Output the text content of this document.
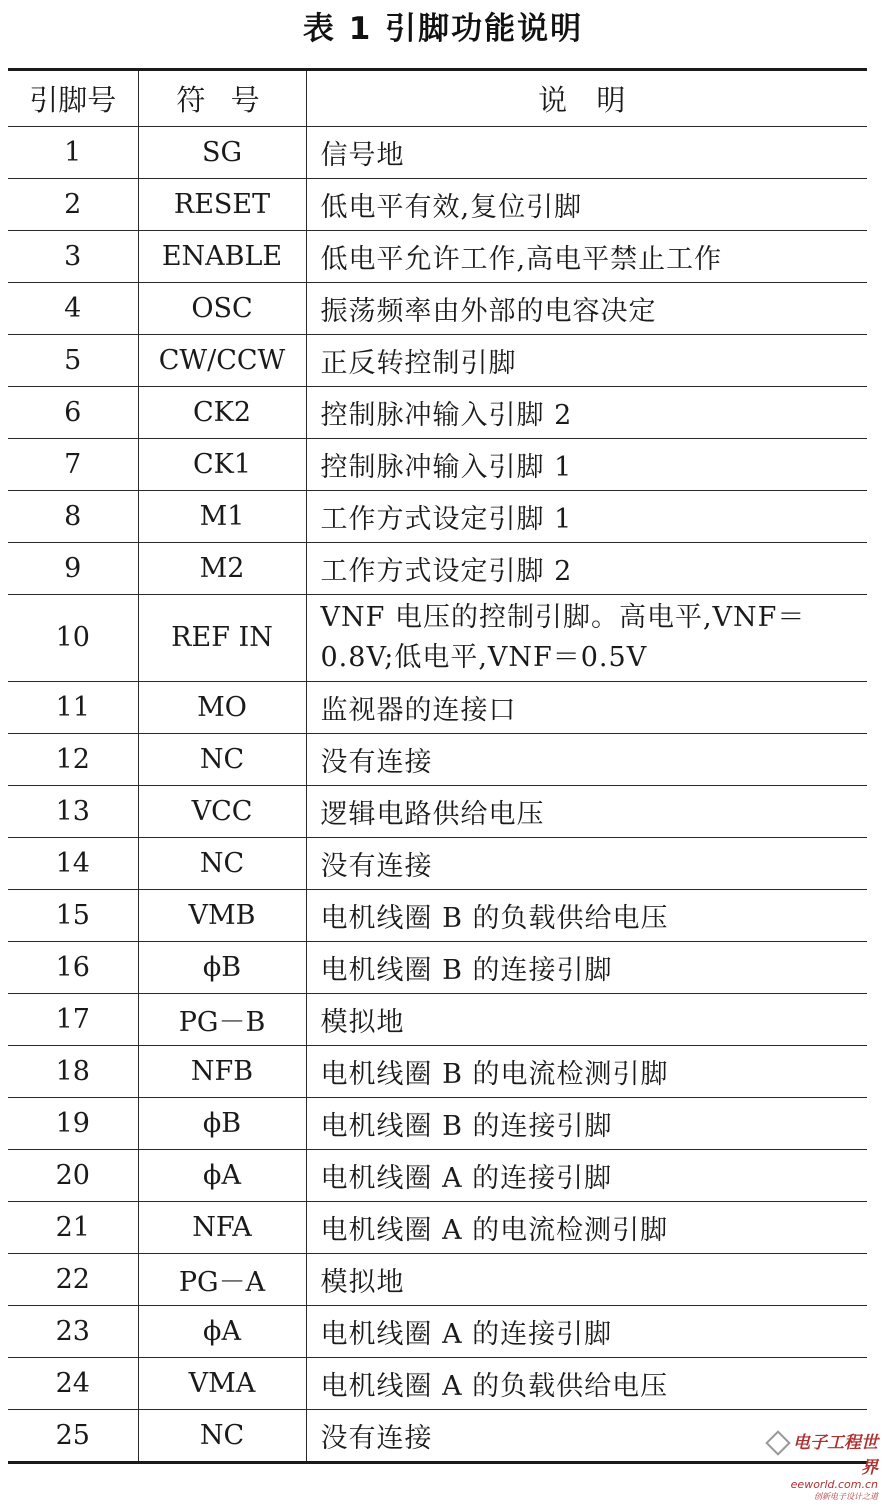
表 1 引脚功能说明
引脚号	符 号	说 明
1	SG	信号地
2	RESET	低电平有效,复位引脚
3	ENABLE	低电平允许工作,高电平禁止工作
4	OSC	振荡频率由外部的电容决定
5	CW/CCW	正反转控制引脚
6	CK2	控制脉冲输入引脚 2
7	CK1	控制脉冲输入引脚 1
8	M1	工作方式设定引脚 1
9	M2	工作方式设定引脚 2
10	REF IN	VNF 电压的控制引脚。高电平,VNF＝0.8V;低电平,VNF＝0.5V
11	MO	监视器的连接口
12	NC	没有连接
13	VCC	逻辑电路供给电压
14	NC	没有连接
15	VMB	电机线圈 B 的负载供给电压
16	ϕB	电机线圈 B 的连接引脚
17	PG－B	模拟地
18	NFB	电机线圈 B 的电流检测引脚
19	ϕB	电机线圈 B 的连接引脚
20	ϕA	电机线圈 A 的连接引脚
21	NFA	电机线圈 A 的电流检测引脚
22	PG－A	模拟地
23	ϕA	电机线圈 A 的连接引脚
24	VMA	电机线圈 A 的负载供给电压
25	NC	没有连接	电子工程世界
eeworld.com.cn
创新电子设计之道
